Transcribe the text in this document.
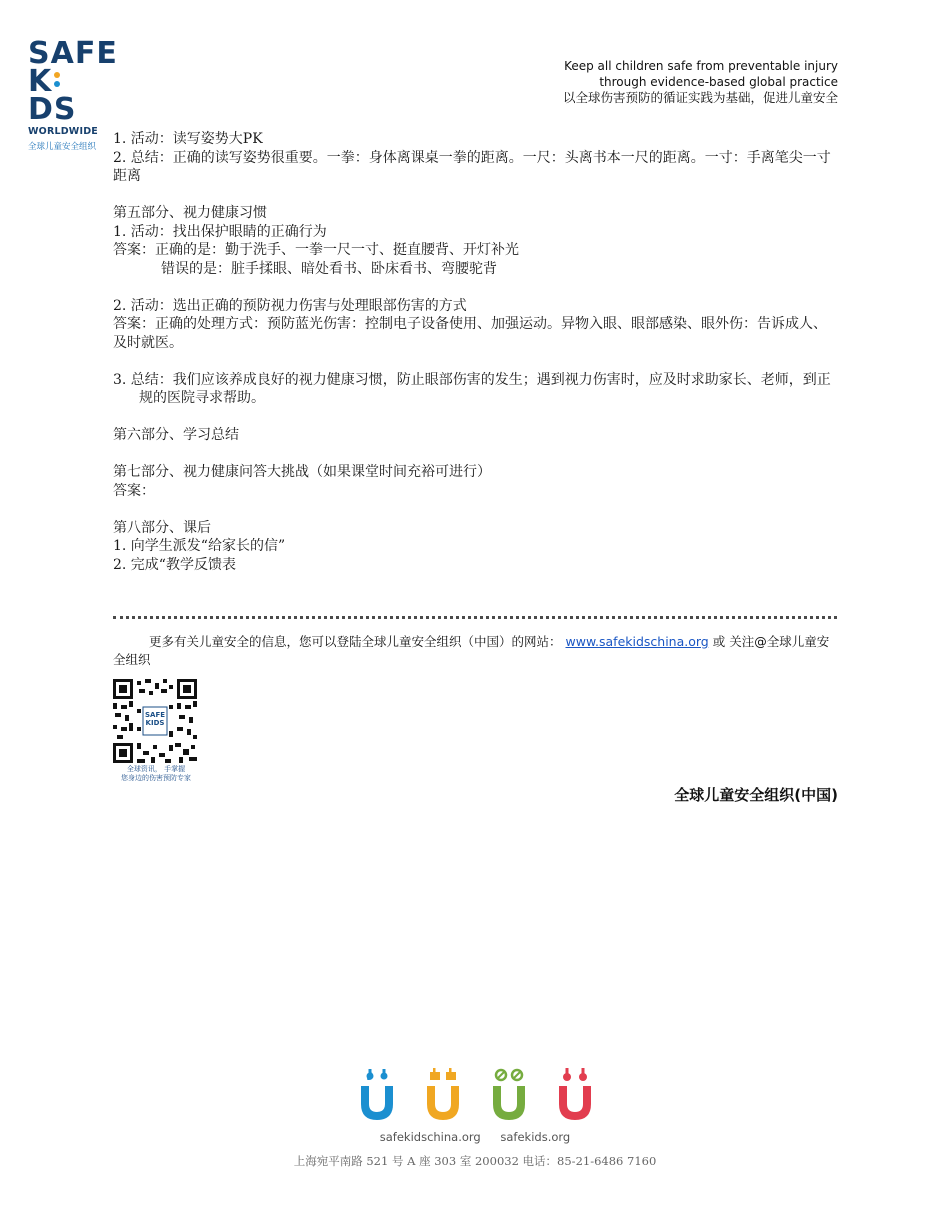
SAFE
K
DS
WORLDWIDE
全球儿童安全组织
Keep all children safe from preventable injury
through evidence-based global practice
以全球伤害预防的循证实践为基础，促进儿童安全

1. 活动：读写姿势大PK

2. 总结：正确的读写姿势很重要。一拳：身体离课桌一拳的距离。一尺：头离书本一尺的距离。一寸：手离笔尖一寸距离

第五部分、视力健康习惯

1. 活动：找出保护眼睛的正确行为

答案：正确的是：勤于洗手、一拳一尺一寸、挺直腰背、开灯补光

错误的是：脏手揉眼、暗处看书、卧床看书、弯腰驼背

2. 活动：选出正确的预防视力伤害与处理眼部伤害的方式

答案：正确的处理方式：预防蓝光伤害：控制电子设备使用、加强运动。异物入眼、眼部感染、眼外伤：告诉成人、及时就医。

3. 总结：我们应该养成良好的视力健康习惯，防止眼部伤害的发生；遇到视力伤害时，应及时求助家长、老师，到正规的医院寻求帮助。

第六部分、学习总结

第七部分、视力健康问答大挑战（如果课堂时间充裕可进行）

答案：

第八部分、课后

1. 向学生派发“给家长的信”

2. 完成“教学反馈表

更多有关儿童安全的信息，您可以登陆全球儿童安全组织（中国）的网站： www.safekidschina.org 或 关注@全球儿童安全组织
SAFE
KIDS
全球资讯， 手掌握
您身边的伤害预防专家
全球儿童安全组织(中国)
safekidschina.org safekids.org
上海宛平南路 521 号 A 座 303 室 200032 电话：85-21-6486 7160
